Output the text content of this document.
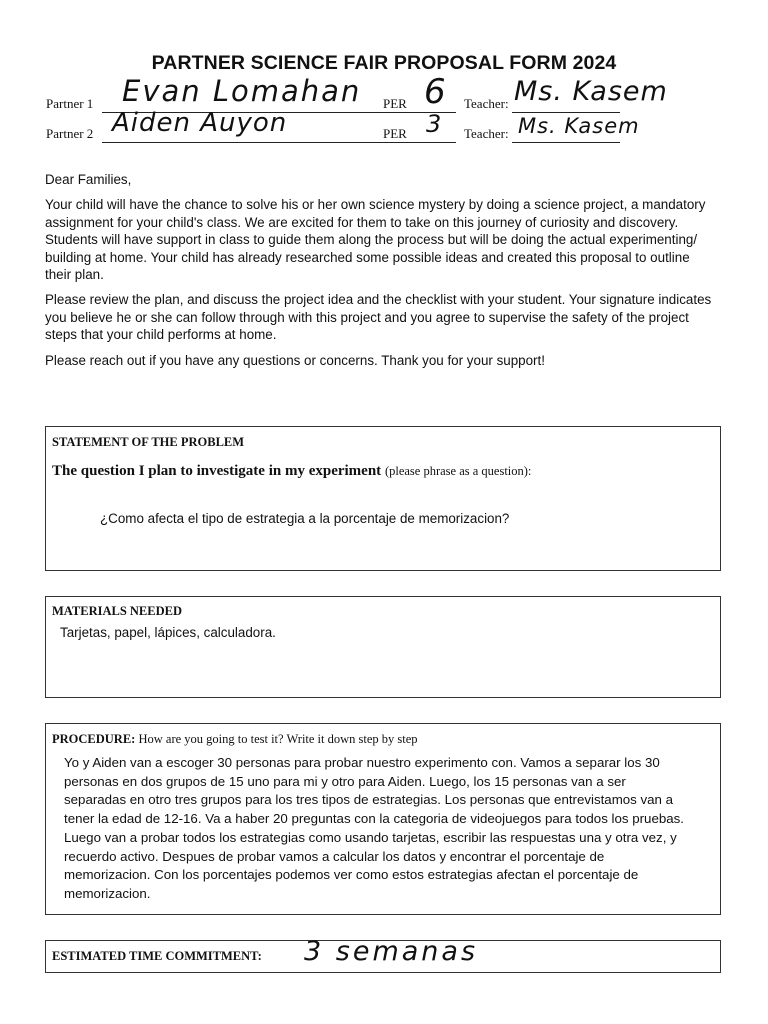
PARTNER SCIENCE FAIR PROPOSAL FORM 2024
Partner 1 Evan Lomahan PER 6 Teacher: Ms. Kasem
Partner 2 Aiden Auyon	PER 3 Teacher: Ms. Kasem
Dear Families,
Your child will have the chance to solve his or her own science mystery by doing a science project, a mandatory assignment for your child's class. We are excited for them to take on this journey of curiosity and discovery. Students will have support in class to guide them along the process but will be doing the actual experimenting/ building at home. Your child has already researched some possible ideas and created this proposal to outline their plan.
Please review the plan, and discuss the project idea and the checklist with your student. Your signature indicates you believe he or she can follow through with this project and you agree to supervise the safety of the project steps that your child performs at home.
Please reach out if you have any questions or concerns. Thank you for your support!
STATEMENT OF THE PROBLEM
The question I plan to investigate in my experiment (please phrase as a question):
¿Como afecta el tipo de estrategia a la porcentaje de memorizacion?
MATERIALS NEEDED
Tarjetas, papel, lápices, calculadora.
PROCEDURE: How are you going to test it? Write it down step by step
Yo y Aiden van a escoger 30 personas para probar nuestro experimento con. Vamos a separar los 30 personas en dos grupos de 15 uno para mi y otro para Aiden. Luego, los 15 personas van a ser separadas en otro tres grupos para los tres tipos de estrategias. Los personas que entrevistamos van a tener la edad de 12-16. Va a haber 20 preguntas con la categoria de videojuegos para todos los pruebas. Luego van a probar todos los estrategias como usando tarjetas, escribir las respuestas una y otra vez, y recuerdo activo. Despues de probar vamos a calcular los datos y encontrar el porcentaje de memorizacion. Con los porcentajes podemos ver como estos estrategias afectan el porcentaje de memorizacion.
ESTIMATED TIME COMMITMENT: 3 semanas
